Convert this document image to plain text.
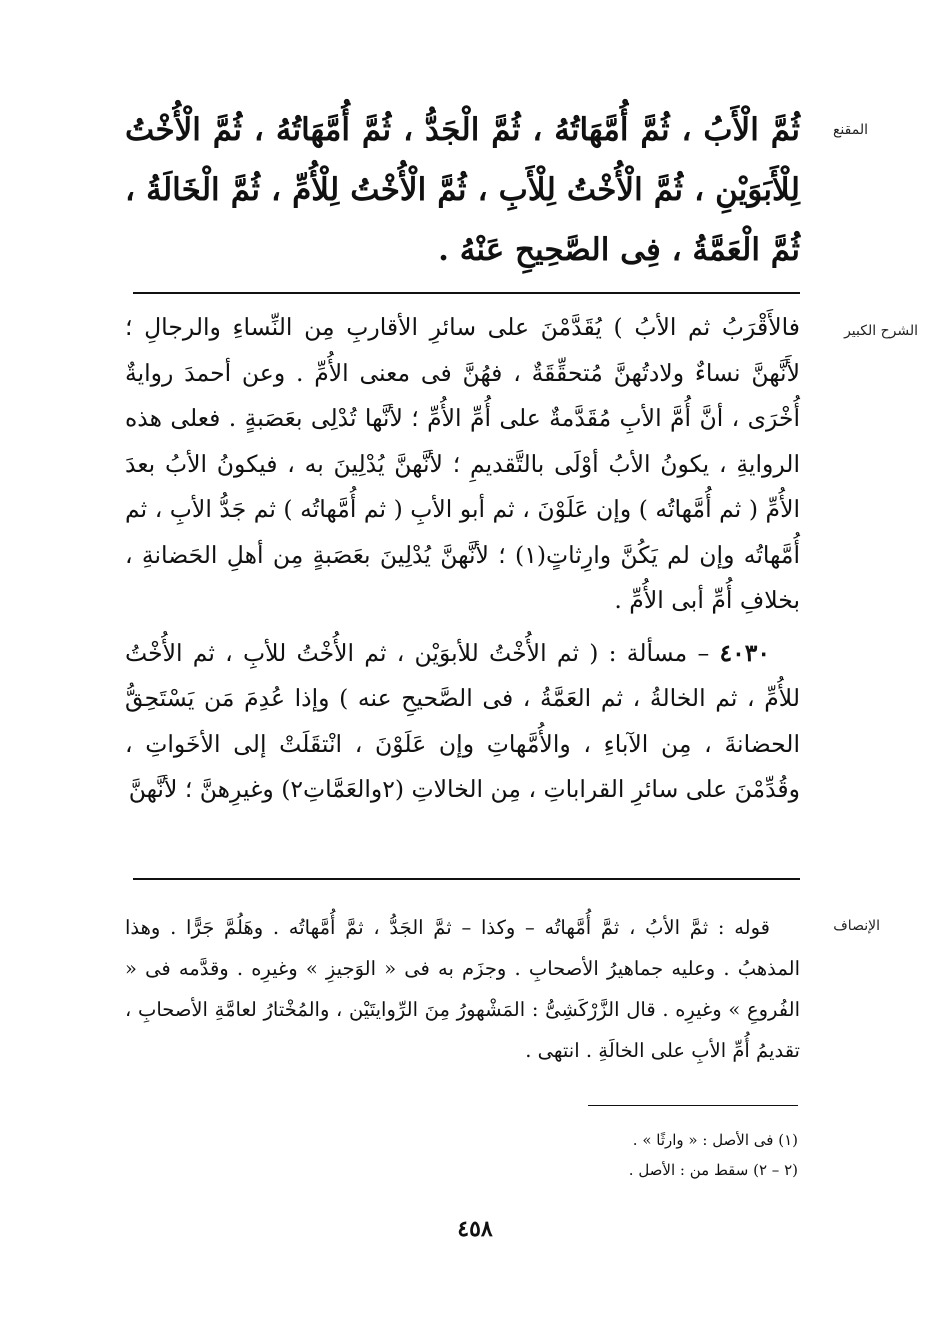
المقنع

ثُمَّ الْأَبُ ، ثُمَّ أُمَّهَاتُهُ ، ثُمَّ الْجَدُّ ، ثُمَّ أُمَّهَاتُهُ ، ثُمَّ الْأُخْتُ لِلْأَبَوَيْنِ ، ثُمَّ الْأُخْتُ لِلْأَبِ ، ثُمَّ الْأُخْتُ لِلْأُمِّ ، ثُمَّ الْخَالَةُ ، ثُمَّ الْعَمَّةُ ، فِى الصَّحِيحِ عَنْهُ .

الشرح الكبير

فالأَقْرَبُ ثم الأبُ ) يُقَدَّمْنَ على سائرِ الأقاربِ مِن النِّساءِ والرجالِ ؛ لأَنَّهنَّ نساءٌ ولادتُهنَّ مُتحقِّقَةٌ ، فهُنَّ فى معنى الأُمِّ . وعن أحمدَ روايةٌ أُخْرَى ، أنَّ أُمَّ الأبِ مُقَدَّمةٌ على أُمِّ الأُمِّ ؛ لأنَّها تُدْلِى بعَصَبةٍ . فعلى هذه الروايةِ ، يكونُ الأبُ أوْلَى بالتَّقديمِ ؛ لأنَّهنَّ يُدْلِينَ به ، فيكونُ الأبُ بعدَ الأُمِّ ( ثم أُمَّهاتُه ) وإن عَلَوْنَ ، ثم أبو الأبِ ( ثم أُمَّهاتُه ) ثم جَدُّ الأبِ ، ثم أُمَّهاتُه وإن لم يَكُنَّ وارِثاتٍ(١) ؛ لأنَّهنَّ يُدْلِينَ بعَصَبةٍ مِن أهلِ الحَضانةِ ، بخلافِ أُمِّ أبى الأُمِّ .

٤٠٣٠ – مسألة : ( ثم الأُخْتُ للأبوَيْن ، ثم الأُخْتُ للأبِ ، ثم الأُخْتُ للأُمِّ ، ثم الخالةُ ، ثم العَمَّةُ ، فى الصَّحيحِ عنه ) وإذا عُدِمَ مَن يَسْتَحِقُّ الحضانةَ ، مِن الآباءِ ، والأُمَّهاتِ وإن عَلَوْنَ ، انْتقَلَتْ إلى الأخَواتِ ، وقُدِّمْنَ على سائرِ القراباتِ ، مِن الخالاتِ (٢والعَمَّاتِ٢) وغيرِهنَّ ؛ لأنَّهنَّ

الإنصاف

قوله : ثمَّ الأبُ ، ثمَّ أُمَّهاتُه – وكذا – ثمَّ الجَدُّ ، ثمَّ أُمَّهاتُه . وهَلُمَّ جَرًّا . وهذا المذهبُ . وعليه جماهيرُ الأصحابِ . وجزَم به فى « الوَجيزِ » وغيرِه . وقدَّمه فى « الفُروعِ » وغيرِه . قال الزَّرْكَشِىُّ : المَشْهورُ مِنَ الرِّوايتَيْن ، والمُخْتارُ لعامَّةِ الأصحابِ ، تقديمُ أُمِّ الأبِ على الخالَةِ . انتهى .

(١) فى الأصل : « وارثًا » .

(٢ – ٢) سقط من : الأصل .

٤٥٨
